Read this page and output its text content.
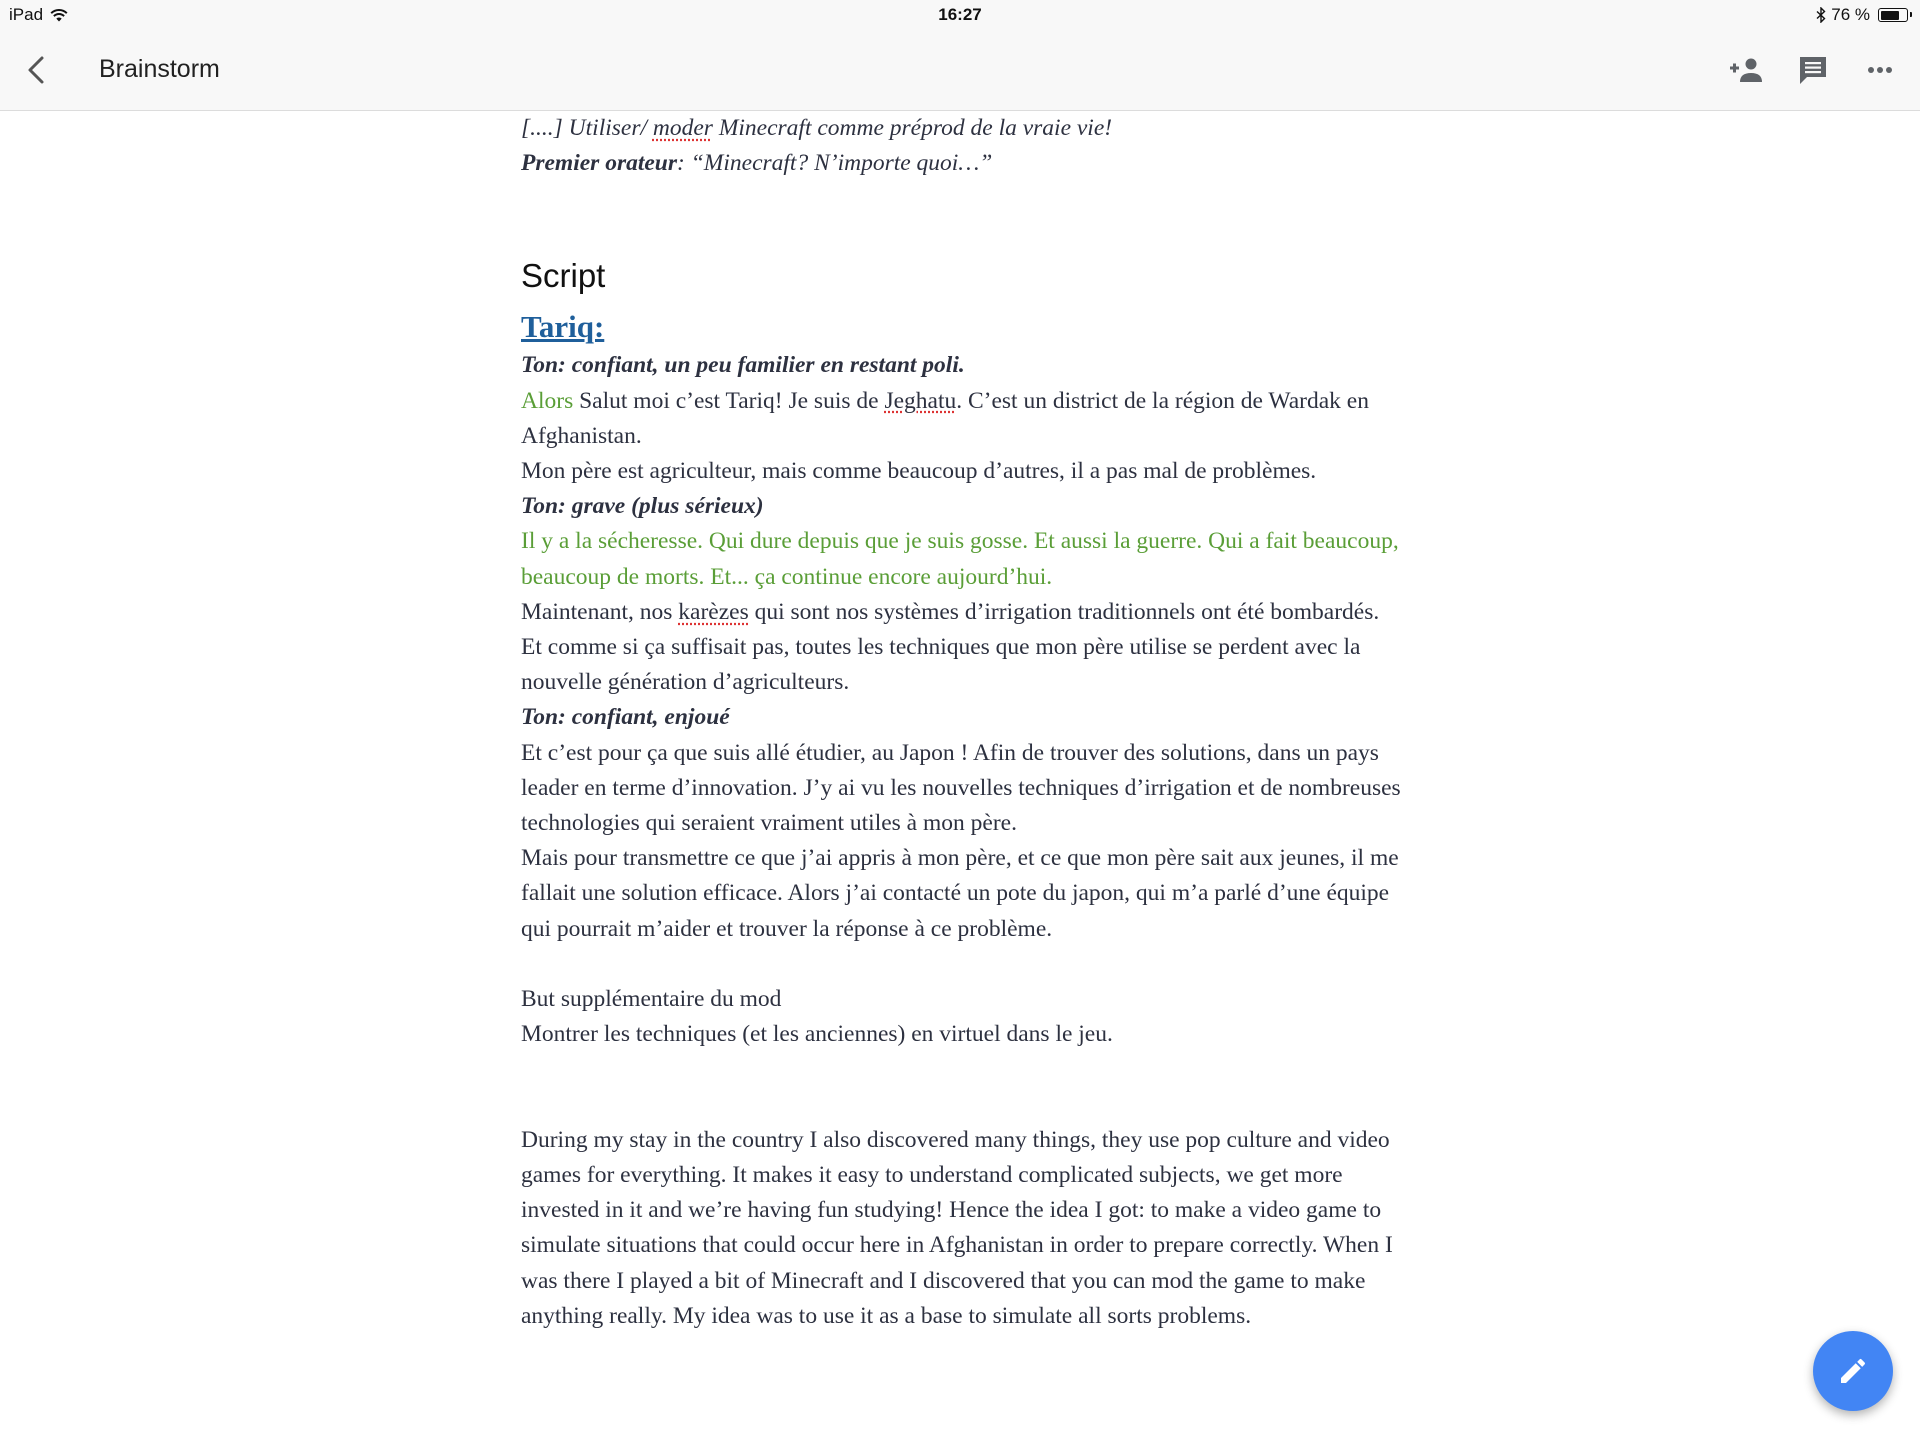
iPad	16:27	76 %
Brainstorm

[....] Utiliser/ moder Minecraft comme préprod de la vraie vie!

Premier orateur: “Minecraft? N’importe quoi…”

Script

Tariq:

Ton: confiant, un peu familier en restant poli.

Alors Salut moi c’est Tariq! Je suis de Jeghatu. C’est un district de la région de Wardak en Afghanistan.

Mon père est agriculteur, mais comme beaucoup d’autres, il a pas mal de problèmes.

Ton: grave (plus sérieux)

Il y a la sécheresse. Qui dure depuis que je suis gosse. Et aussi la guerre. Qui a fait beaucoup, beaucoup de morts. Et... ça continue encore aujourd’hui.

Maintenant, nos karèzes qui sont nos systèmes d’irrigation traditionnels ont été bombardés. Et comme si ça suffisait pas, toutes les techniques que mon père utilise se perdent avec la nouvelle génération d’agriculteurs.

Ton: confiant, enjoué

Et c’est pour ça que suis allé étudier, au Japon ! Afin de trouver des solutions, dans un pays leader en terme d’innovation. J’y ai vu les nouvelles techniques d’irrigation et de nombreuses technologies qui seraient vraiment utiles à mon père.

Mais pour transmettre ce que j’ai appris à mon père, et ce que mon père sait aux jeunes, il me fallait une solution efficace. Alors j’ai contacté un pote du japon, qui m’a parlé d’une équipe qui pourrait m’aider et trouver la réponse à ce problème.

But supplémentaire du mod

Montrer les techniques (et les anciennes) en virtuel dans le jeu.

During my stay in the country I also discovered many things, they use pop culture and video games for everything. It makes it easy to understand complicated subjects, we get more invested in it and we’re having fun studying! Hence the idea I got: to make a video game to simulate situations that could occur here in Afghanistan in order to prepare correctly. When I was there I played a bit of Minecraft and I discovered that you can mod the game to make anything really. My idea was to use it as a base to simulate all sorts problems.
